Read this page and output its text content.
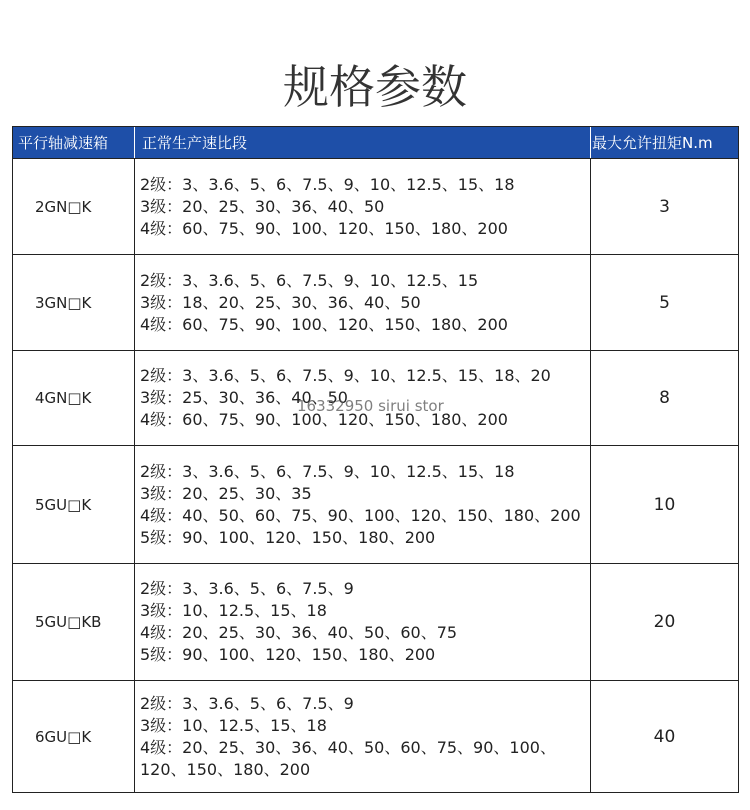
规格参数
平行轴减速箱	正常生产速比段	最大允许扭矩N.m
2GN□K
2级：3、3.6、5、6、7.5、9、10、12.5、15、18
3级：20、25、30、36、40、50
4级：60、75、90、100、120、150、180、200
3
3GN□K
2级：3、3.6、5、6、7.5、9、10、12.5、15
3级：18、20、25、30、36、40、50
4级：60、75、90、100、120、150、180、200
5
4GN□K
2级：3、3.6、5、6、7.5、9、10、12.5、15、18、20
3级：25、30、36、40、50
4级：60、75、90、100、120、150、180、200
8
5GU□K
2级：3、3.6、5、6、7.5、9、10、12.5、15、18
3级：20、25、30、35
4级：40、50、60、75、90、100、120、150、180、200
5级：90、100、120、150、180、200
10
5GU□KB
2级：3、3.6、5、6、7.5、9
3级：10、12.5、15、18
4级：20、25、30、36、40、50、60、75
5级：90、100、120、150、180、200
20
6GU□K
2级：3、3.6、5、6、7.5、9
3级：10、12.5、15、18
4级：20、25、30、36、40、50、60、75、90、100、
120、150、180、200
40
16332950 sirui stor
